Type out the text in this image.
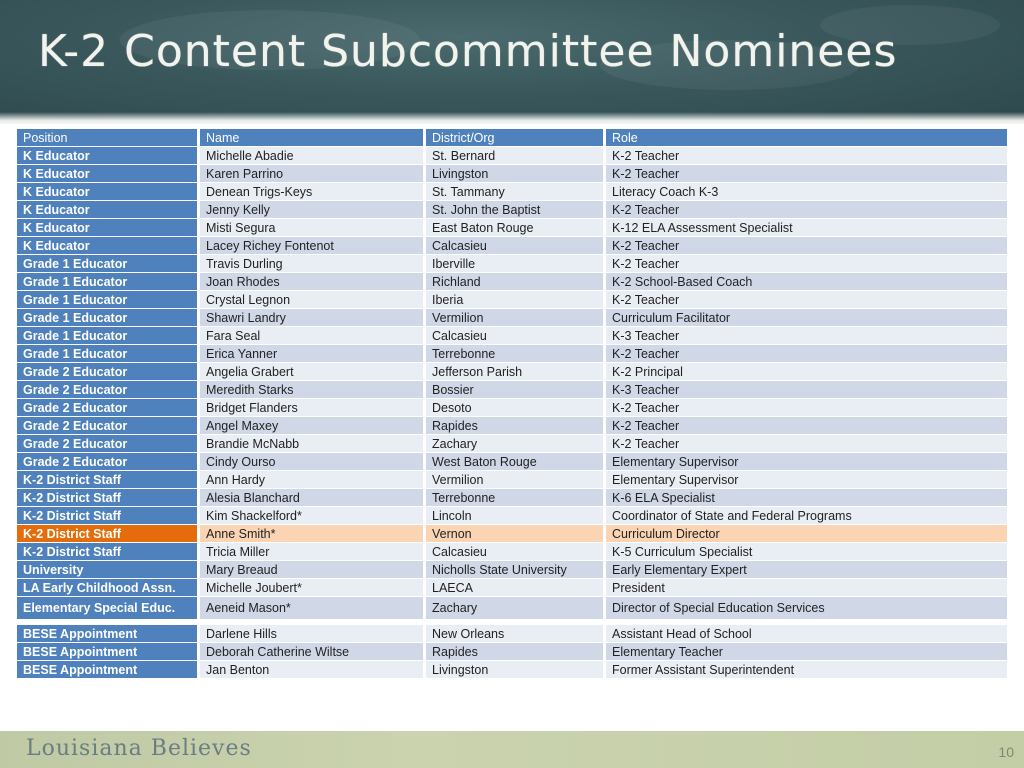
K-2 Content Subcommittee Nominees
Position	Name	District/Org	Role
K Educator	Michelle Abadie	St. Bernard	K-2 Teacher
K Educator	Karen Parrino	Livingston	K-2 Teacher
K Educator	Denean Trigs-Keys	St. Tammany	Literacy Coach K-3
K Educator	Jenny Kelly	St. John the Baptist	K-2 Teacher
K Educator	Misti Segura	East Baton Rouge	K-12 ELA Assessment Specialist
K Educator	Lacey Richey Fontenot	Calcasieu	K-2 Teacher
Grade 1 Educator	Travis Durling	Iberville	K-2 Teacher
Grade 1 Educator	Joan Rhodes	Richland	K-2 School-Based Coach
Grade 1 Educator	Crystal Legnon	Iberia	K-2 Teacher
Grade 1 Educator	Shawri Landry	Vermilion	Curriculum Facilitator
Grade 1 Educator	Fara Seal	Calcasieu	K-3 Teacher
Grade 1 Educator	Erica Yanner	Terrebonne	K-2 Teacher
Grade 2 Educator	Angelia Grabert	Jefferson Parish	K-2 Principal
Grade 2 Educator	Meredith Starks	Bossier	K-3 Teacher
Grade 2 Educator	Bridget Flanders	Desoto	K-2 Teacher
Grade 2 Educator	Angel Maxey	Rapides	K-2 Teacher
Grade 2 Educator	Brandie McNabb	Zachary	K-2 Teacher
Grade 2 Educator	Cindy Ourso	West Baton Rouge	Elementary Supervisor
K-2 District Staff	Ann Hardy	Vermilion	Elementary Supervisor
K-2 District Staff	Alesia Blanchard	Terrebonne	K-6 ELA Specialist
K-2 District Staff	Kim Shackelford*	Lincoln	Coordinator of State and Federal Programs
K-2 District Staff	Anne Smith*	Vernon	Curriculum Director
K-2 District Staff	Tricia Miller	Calcasieu	K-5 Curriculum Specialist
University	Mary Breaud	Nicholls State University	Early Elementary Expert
LA Early Childhood Assn.	Michelle Joubert*	LAECA	President
Elementary Special Educ.	Aeneid Mason*	Zachary	Director of Special Education Services
BESE Appointment	Darlene Hills	New Orleans	Assistant Head of School
BESE Appointment	Deborah Catherine Wiltse	Rapides	Elementary Teacher
BESE Appointment	Jan Benton	Livingston	Former Assistant Superintendent
Louisiana Believes	10
